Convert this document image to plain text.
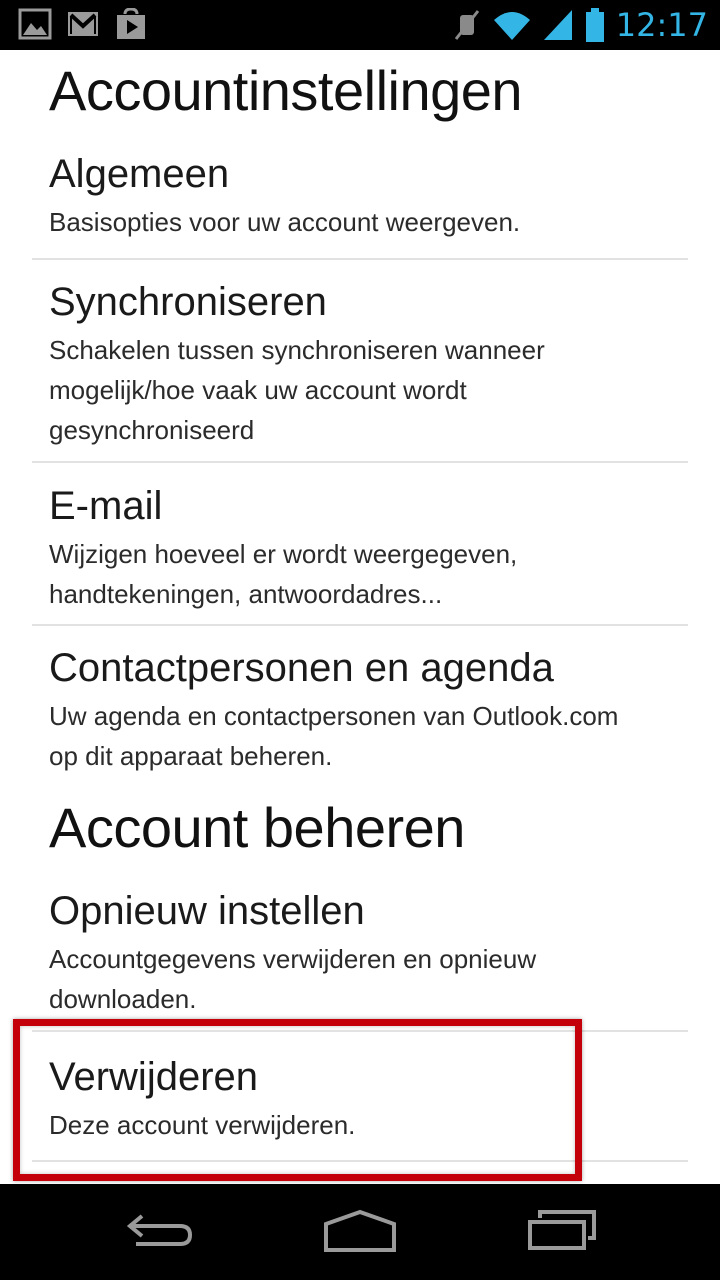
12:17
Accountinstellingen
Algemeen
Basisopties voor uw account weergeven.
Synchroniseren
Schakelen tussen synchroniseren wanneer mogelijk/hoe vaak uw account wordt gesynchroniseerd
E-mail
Wijzigen hoeveel er wordt weergegeven, handtekeningen, antwoordadres...
Contactpersonen en agenda
Uw agenda en contactpersonen van Outlook.com op dit apparaat beheren.
Account beheren
Opnieuw instellen
Accountgegevens verwijderen en opnieuw downloaden.
Verwijderen
Deze account verwijderen.
